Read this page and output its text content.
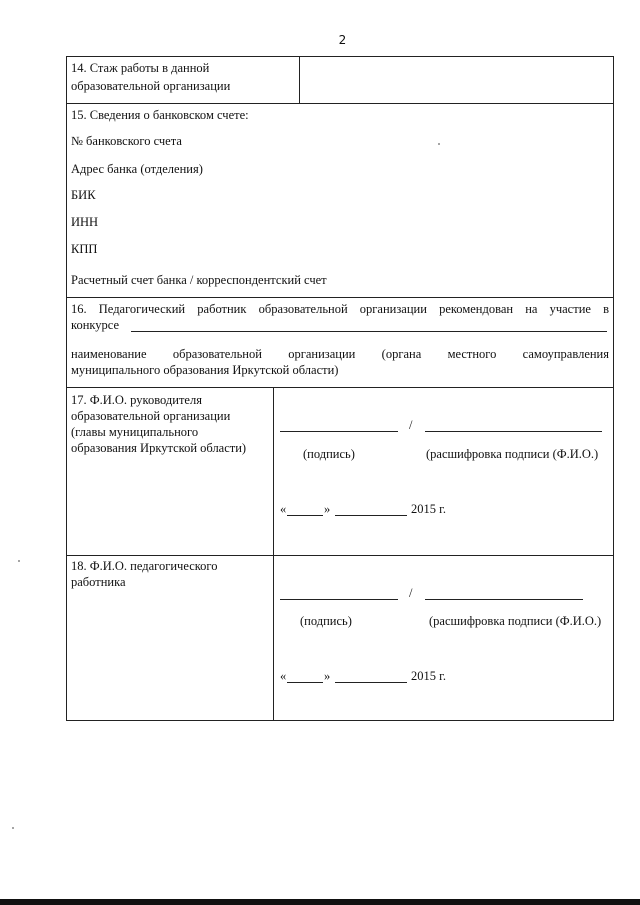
2
14. Стаж работы в данной
образовательной организации
15. Сведения о банковском счете:
№ банковского счета
Адрес банка (отделения)
БИК
ИНН
КПП
Расчетный счет банка / корреспондентский счет
16. Педагогический работник образовательной организации рекомендован на участие в
конкурсе
наименование образовательной организации (органа местного самоуправления
муниципального образования Иркутской области)
17. Ф.И.О. руководителя
образовательной организации
(главы муниципального
образования Иркутской области)
/
(подпись)	(расшифровка подписи (Ф.И.О.)
«	»	2015 г.
18. Ф.И.О. педагогического
работника
/
(подпись)	(расшифровка подписи (Ф.И.О.)
«	»	2015 г.
